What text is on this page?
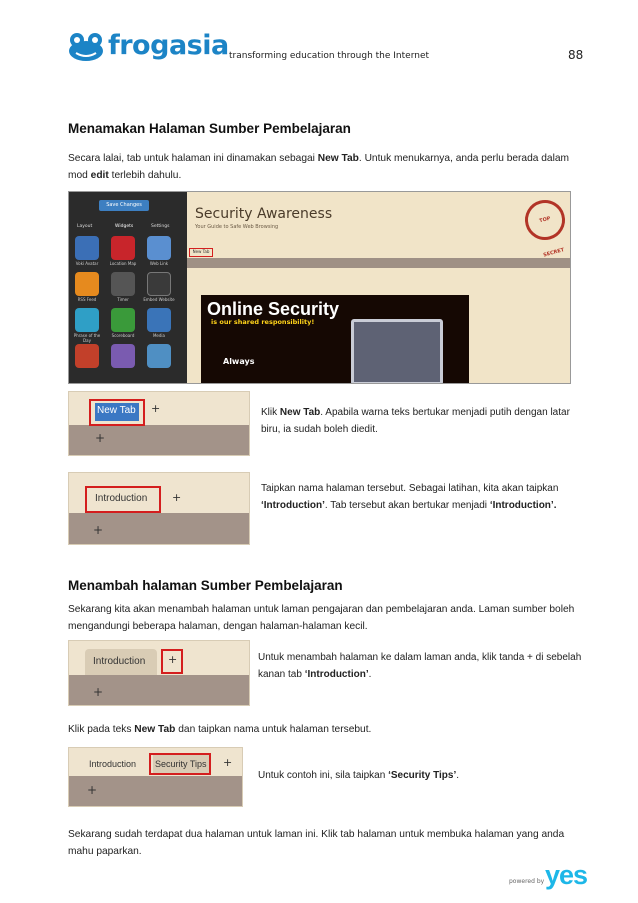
frogasia transforming education through the Internet	88
Menamakan Halaman Sumber Pembelajaran

Secara lalai, tab untuk halaman ini dinamakan sebagai New Tab. Untuk menukarnya, anda perlu berada dalam mod edit terlebih dahulu.

Save Changes
Layout	Widgets	Settings
Voki Avatar	Location Map	Web Link
RSS Feed	Timer	Embed Website
Phrase of the Day
Scoreboard	Media
Security Awareness
Your Guide to Safe Web Browsing
New Tab
TOP SECRET
Online Security
is our shared responsibility!
Always
New Tab +
+

Klik New Tab. Apabila warna teks bertukar menjadi putih dengan latar biru, ia sudah boleh diedit.

Introduction +
+

Taipkan nama halaman tersebut. Sebagai latihan, kita akan taipkan ‘Introduction’. Tab tersebut akan bertukar menjadi ‘Introduction’.

Menambah halaman Sumber Pembelajaran

Sekarang kita akan menambah halaman untuk laman pengajaran dan pembelajaran anda. Laman sumber boleh mengandungi beberapa halaman, dengan halaman-halaman kecil.

Introduction +
+

Untuk menambah halaman ke dalam laman anda, klik tanda + di sebelah kanan tab ‘Introduction’.

Klik pada teks New Tab dan taipkan nama untuk halaman tersebut.

Introduction Security Tips +
+

Untuk contoh ini, sila taipkan ‘Security Tips’.

Sekarang sudah terdapat dua halaman untuk laman ini. Klik tab halaman untuk membuka halaman yang anda mahu paparkan.

powered by yes
